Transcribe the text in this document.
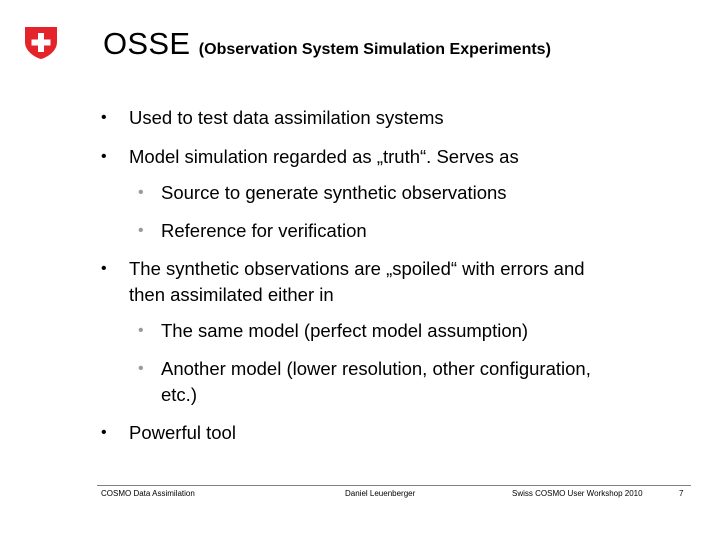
OSSE (Observation System Simulation Experiments)
• Used to test data assimilation systems
• Model simulation regarded as „truth“. Serves as
• Source to generate synthetic observations
• Reference for verification
• The synthetic observations are „spoiled“ with errors and
then assimilated either in
• The same model (perfect model assumption)
• Another model (lower resolution, other configuration,
etc.)
• Powerful tool
COSMO Data Assimilation	Daniel Leuenberger	Swiss COSMO User Workshop 2010	7
